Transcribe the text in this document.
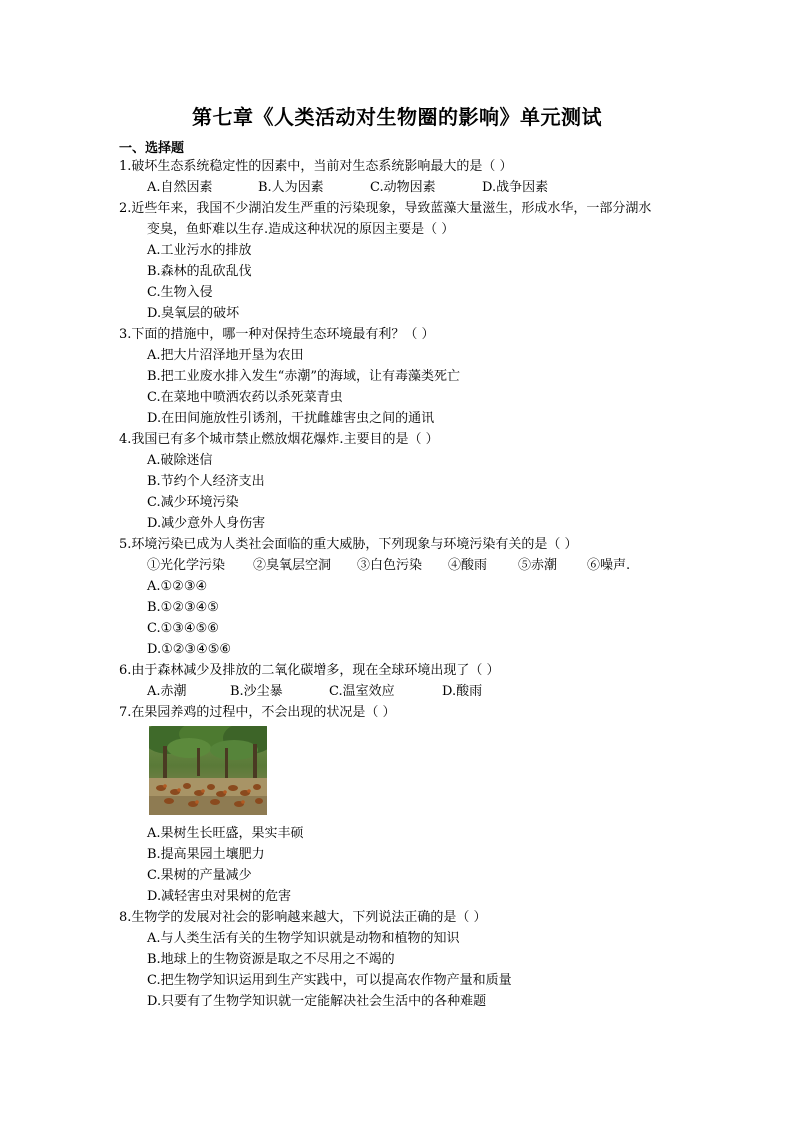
第七章《人类活动对生物圈的影响》单元测试
一、选择题
1.破坏生态系统稳定性的因素中，当前对生态系统影响最大的是（ ）
A.自然因素	B.人为因素	C.动物因素	D.战争因素
2.近些年来，我国不少湖泊发生严重的污染现象，导致蓝藻大量滋生，形成水华，一部分湖水
变臭，鱼虾难以生存.造成这种状况的原因主要是（ ）
A.工业污水的排放
B.森林的乱砍乱伐
C.生物入侵
D.臭氧层的破坏
3.下面的措施中，哪一种对保持生态环境最有利？（ ）
A.把大片沼泽地开垦为农田
B.把工业废水排入发生“赤潮”的海域，让有毒藻类死亡
C.在菜地中喷洒农药以杀死菜青虫
D.在田间施放性引诱剂，干扰雌雄害虫之间的通讯
4.我国已有多个城市禁止燃放烟花爆炸.主要目的是（ ）
A.破除迷信
B.节约个人经济支出
C.减少环境污染
D.减少意外人身伤害
5.环境污染已成为人类社会面临的重大威胁，下列现象与环境污染有关的是（ ）
①光化学污染 ②臭氧层空洞 ③白色污染 ④酸雨 ⑤赤潮 ⑥噪声.
A.①②③④
B.①②③④⑤
C.①③④⑤⑥
D.①②③④⑤⑥
6.由于森林减少及排放的二氧化碳增多，现在全球环境出现了（ ）
A.赤潮	B.沙尘暴	C.温室效应	D.酸雨
7.在果园养鸡的过程中，不会出现的状况是（ ）
A.果树生长旺盛，果实丰硕
B.提高果园土壤肥力
C.果树的产量减少
D.减轻害虫对果树的危害
8.生物学的发展对社会的影响越来越大，下列说法正确的是（ ）
A.与人类生活有关的生物学知识就是动物和植物的知识
B.地球上的生物资源是取之不尽用之不竭的
C.把生物学知识运用到生产实践中，可以提高农作物产量和质量
D.只要有了生物学知识就一定能解决社会生活中的各种难题
